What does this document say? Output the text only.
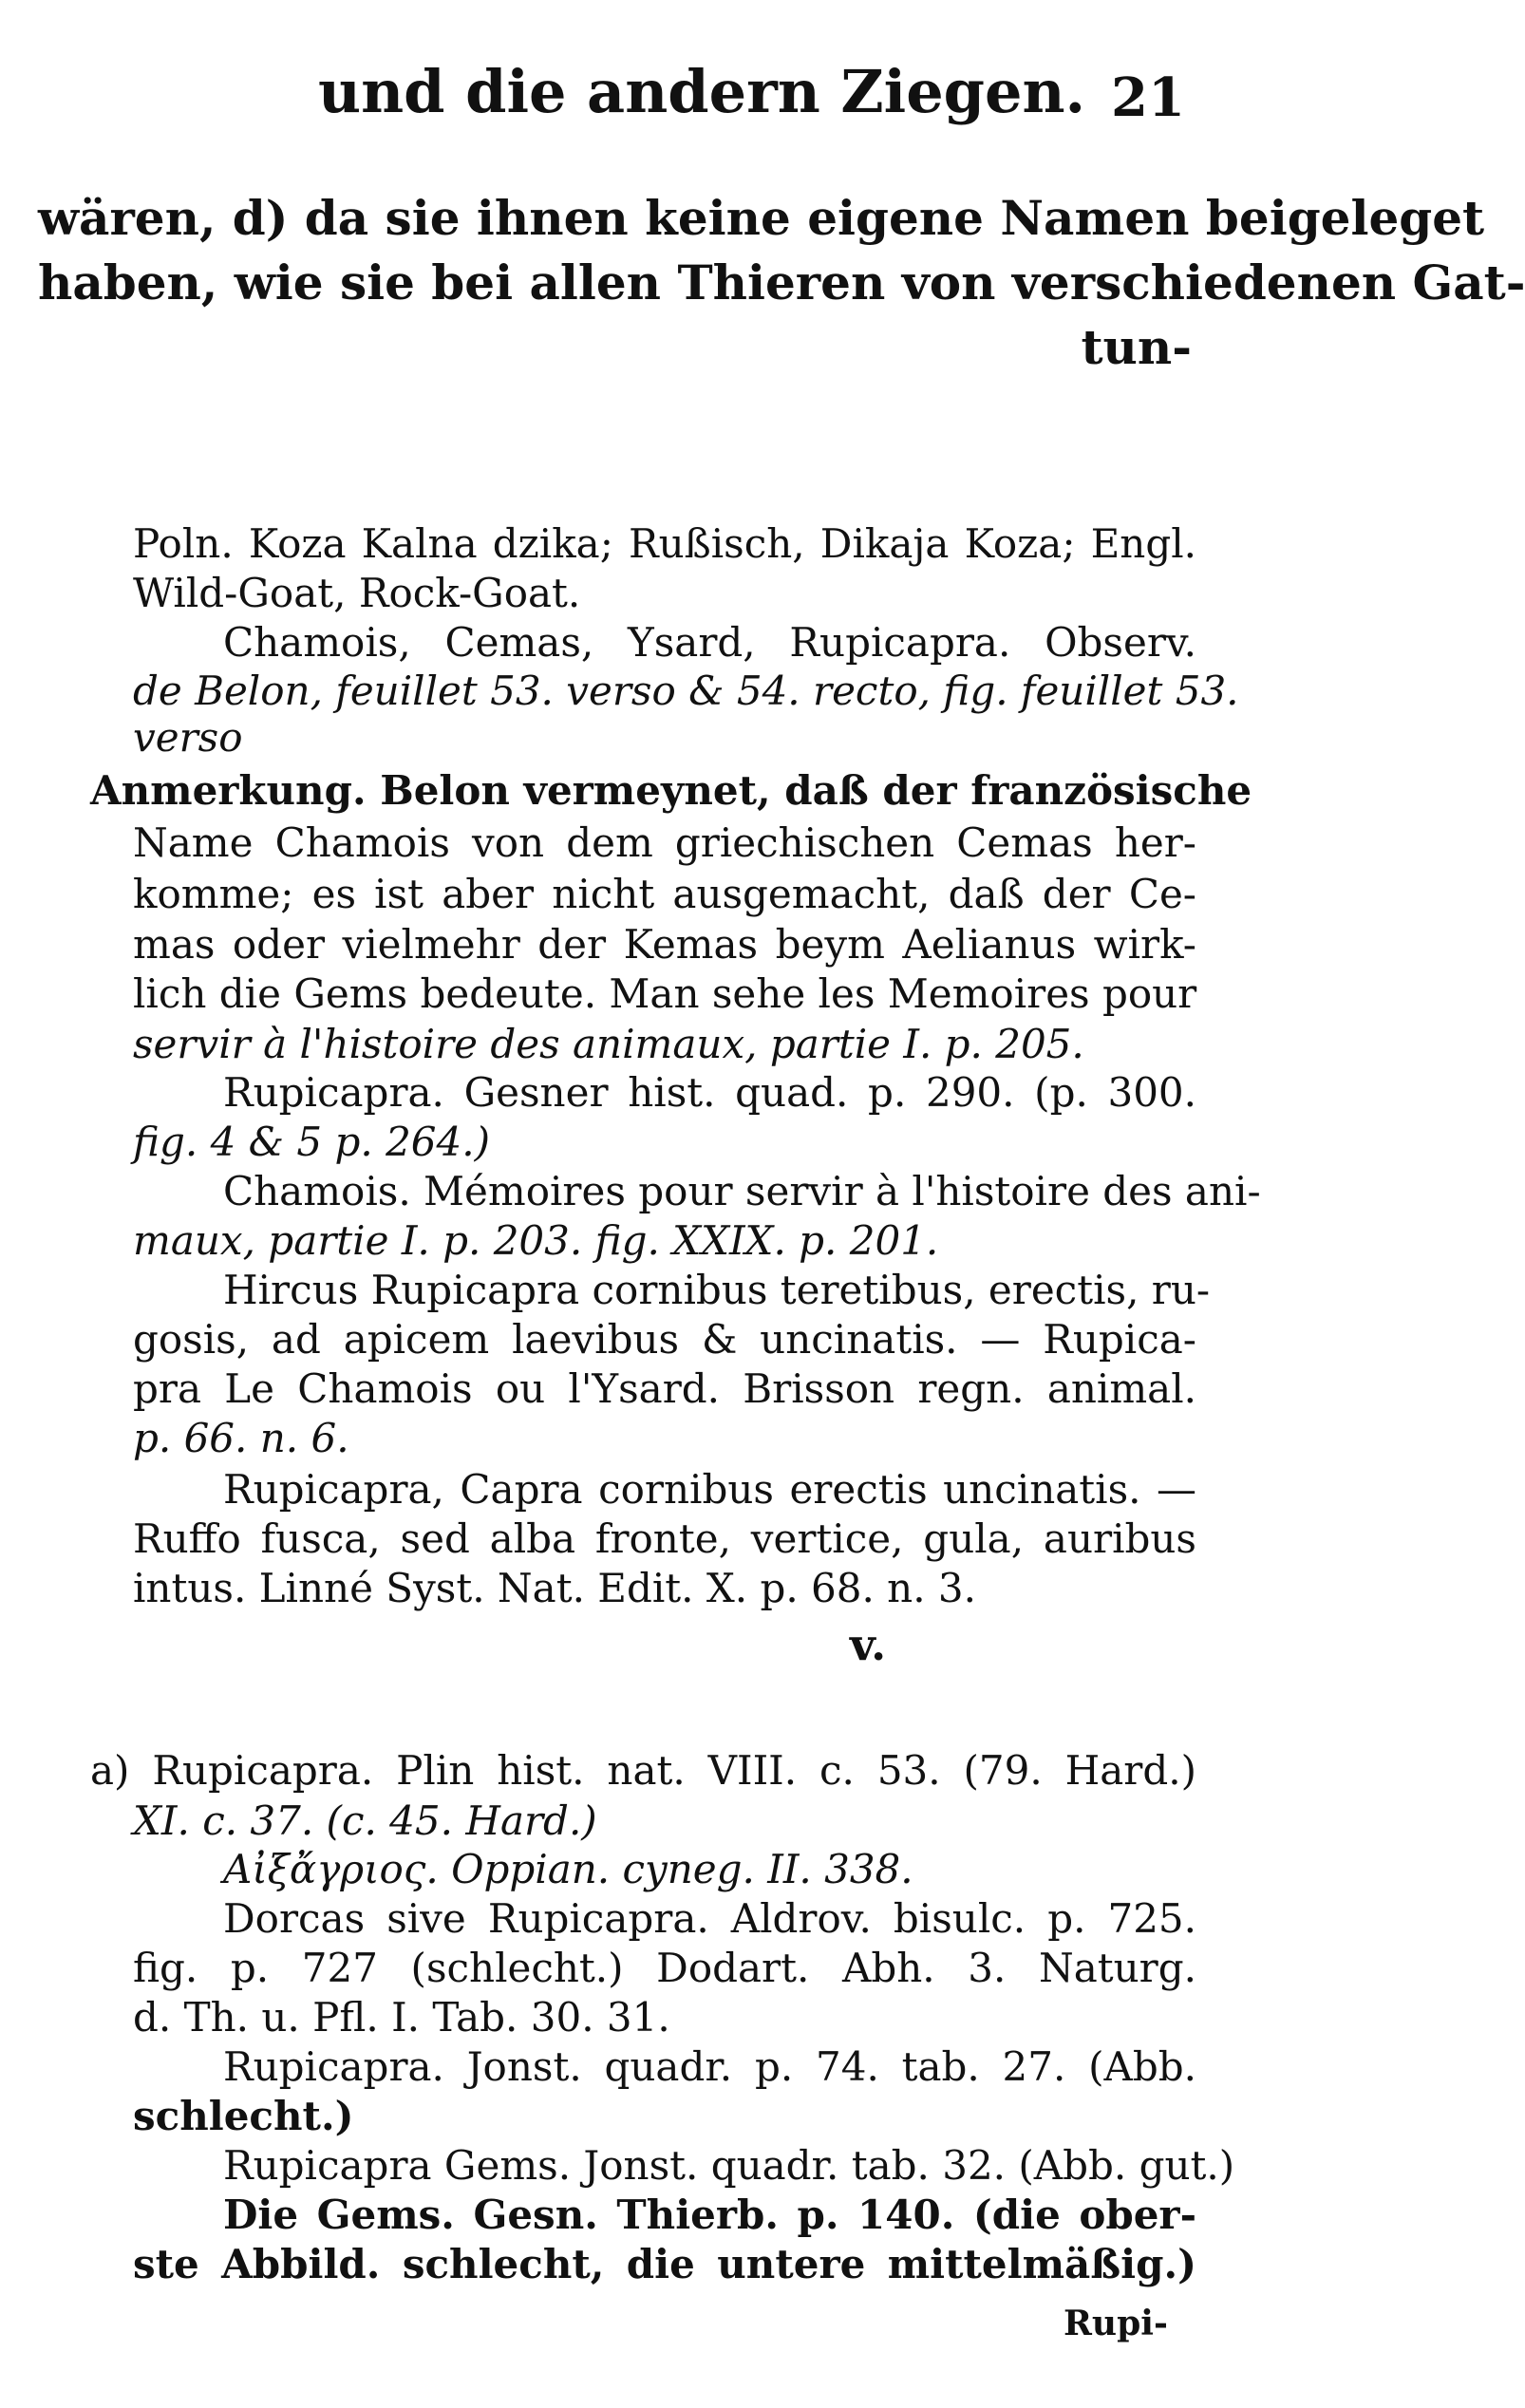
und die andern Ziegen. 21
wären, d) da sie ihnen keine eigene Namen beigeleget
haben, wie sie bei allen Thieren von verschiedenen Gat-
tun-
Poln. Koza Kalna dzika; Rußisch, Dikaja Koza; Engl.
Wild-Goat, Rock-Goat.
Chamois, Cemas, Ysard, Rupicapra. Observ.
de Belon, feuillet 53. verso & 54. recto, fig. feuillet 53.
verso
Anmerkung. Belon vermeynet, daß der französische
Name Chamois von dem griechischen Cemas her-
komme; es ist aber nicht ausgemacht, daß der Ce-
mas oder vielmehr der Kemas beym Aelianus wirk-
lich die Gems bedeute. Man sehe les Memoires pour
servir à l'histoire des animaux, partie I. p. 205.
Rupicapra. Gesner hist. quad. p. 290. (p. 300.
fig. 4 & 5 p. 264.)
Chamois. Mémoires pour servir à l'histoire des ani-
maux, partie I. p. 203. fig. XXIX. p. 201.
Hircus Rupicapra cornibus teretibus, erectis, ru-
gosis, ad apicem laevibus & uncinatis. — Rupica-
pra Le Chamois ou l'Ysard. Brisson regn. animal.
p. 66. n. 6.
Rupicapra, Capra cornibus erectis uncinatis. —
Ruffo fusca, sed alba fronte, vertice, gula, auribus
intus. Linné Syst. Nat. Edit. X. p. 68. n. 3.
v.
a) Rupicapra. Plin hist. nat. VIII. c. 53. (79. Hard.)
XI. c. 37. (c. 45. Hard.)
Αἰξἄγριος. Oppian. cyneg. II. 338.
Dorcas sive Rupicapra. Aldrov. bisulc. p. 725.
fig. p. 727 (schlecht.) Dodart. Abh. 3. Naturg.
d. Th. u. Pfl. I. Tab. 30. 31.
Rupicapra. Jonst. quadr. p. 74. tab. 27. (Abb.
schlecht.)
Rupicapra Gems. Jonst. quadr. tab. 32. (Abb. gut.)
Die Gems. Gesn. Thierb. p. 140. (die ober-
ste Abbild. schlecht, die untere mittelmäßig.)
Rupi-
